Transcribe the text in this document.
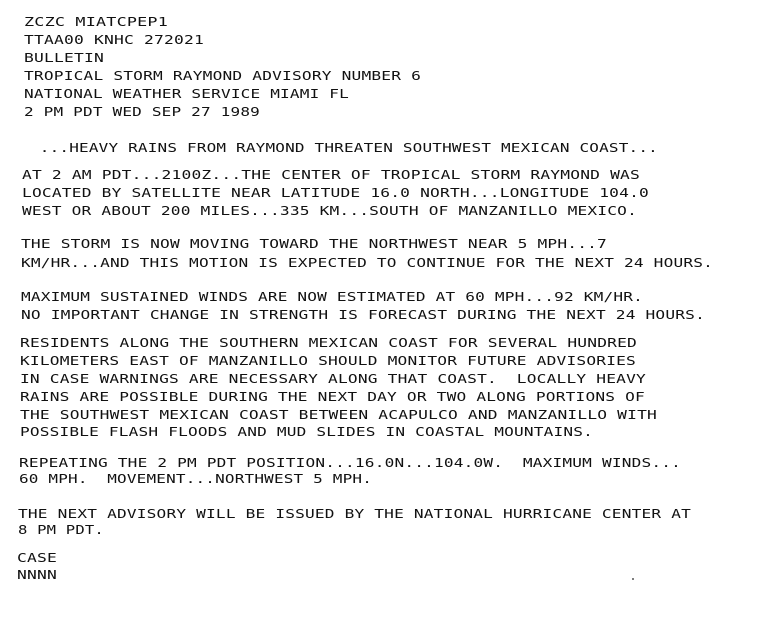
ZCZC MIATCPEP1
TTAA00 KNHC 272021
BULLETIN
TROPICAL STORM RAYMOND ADVISORY NUMBER 6
NATIONAL WEATHER SERVICE MIAMI FL
2 PM PDT WED SEP 27 1989
...HEAVY RAINS FROM RAYMOND THREATEN SOUTHWEST MEXICAN COAST...
AT 2 AM PDT...2100Z...THE CENTER OF TROPICAL STORM RAYMOND WAS
LOCATED BY SATELLITE NEAR LATITUDE 16.0 NORTH...LONGITUDE 104.0
WEST OR ABOUT 200 MILES...335 KM...SOUTH OF MANZANILLO MEXICO.
THE STORM IS NOW MOVING TOWARD THE NORTHWEST NEAR 5 MPH...7
KM/HR...AND THIS MOTION IS EXPECTED TO CONTINUE FOR THE NEXT 24 HOURS.
MAXIMUM SUSTAINED WINDS ARE NOW ESTIMATED AT 60 MPH...92 KM/HR.
NO IMPORTANT CHANGE IN STRENGTH IS FORECAST DURING THE NEXT 24 HOURS.
RESIDENTS ALONG THE SOUTHERN MEXICAN COAST FOR SEVERAL HUNDRED
KILOMETERS EAST OF MANZANILLO SHOULD MONITOR FUTURE ADVISORIES
IN CASE WARNINGS ARE NECESSARY ALONG THAT COAST.  LOCALLY HEAVY
RAINS ARE POSSIBLE DURING THE NEXT DAY OR TWO ALONG PORTIONS OF
THE SOUTHWEST MEXICAN COAST BETWEEN ACAPULCO AND MANZANILLO WITH
POSSIBLE FLASH FLOODS AND MUD SLIDES IN COASTAL MOUNTAINS.
REPEATING THE 2 PM PDT POSITION...16.0N...104.0W.  MAXIMUM WINDS...
60 MPH.  MOVEMENT...NORTHWEST 5 MPH.
THE NEXT ADVISORY WILL BE ISSUED BY THE NATIONAL HURRICANE CENTER AT
8 PM PDT.
CASE
NNNN
